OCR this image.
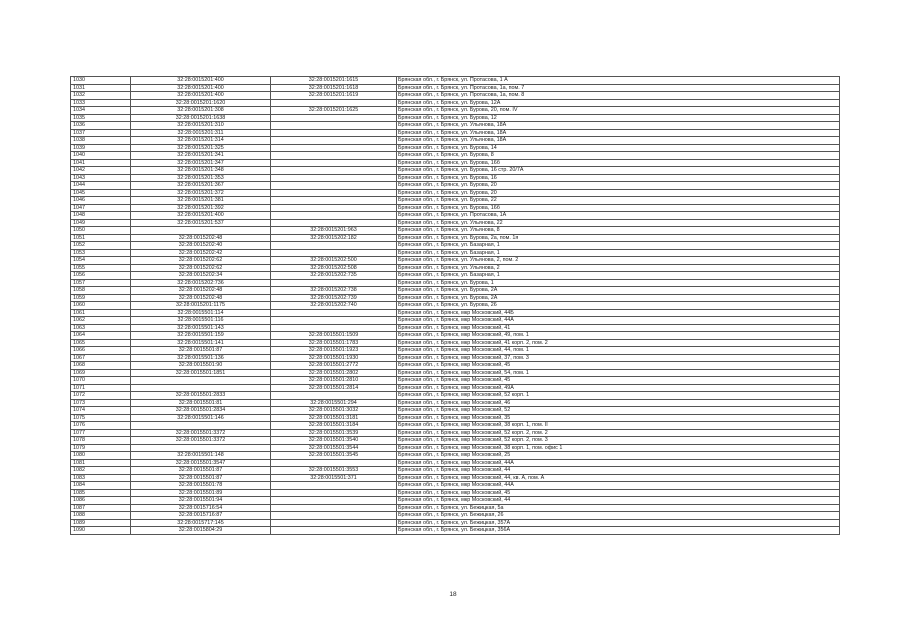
1030	32:28:0015201:400	32:28:0015201:1615	Брянская обл., г. Брянск, ул. Протасова, 1 А
1031	32:28:0015201:400	32:28:0015201:1618	Брянская обл., г. Брянск, ул. Протасова, 1а, пом. 7
1032	32:28:0015201:400	32:28:0015201:1619	Брянская обл., г. Брянск, ул. Протасова, 1а, пом. 8
1033	32:28:0015201:1620		Брянская обл., г. Брянск, ул. Бурова, 12А
1034	32:28:0015201:308	32:28:0015201:1625	Брянская обл., г. Брянск, ул. Бурова, 20, пом. IV
1035	32:28:0015201:1638		Брянская обл., г. Брянск, ул. Бурова, 12
1036	32:28:0015201:310		Брянская обл., г. Брянск, ул. Ульянова, 18А
1037	32:28:0015201:311		Брянская обл., г. Брянск, ул. Ульянова, 18А
1038	32:28:0015201:314		Брянская обл., г. Брянск, ул. Ульянова, 18А
1039	32:28:0015201:325		Брянская обл., г. Брянск, ул. Бурова, 14
1040	32:28:0015201:341		Брянская обл., г. Брянск, ул. Бурова, 8
1041	32:28:0015201:347		Брянская обл., г. Брянск, ул. Бурова, 16б
1042	32:28:0015201:348		Брянская обл., г. Брянск, ул. Бурова, 16 стр. 20/7А
1043	32:28:0015201:353		Брянская обл., г. Брянск, ул. Бурова, 16
1044	32:28:0015201:367		Брянская обл., г. Брянск, ул. Бурова, 20
1045	32:28:0015201:372		Брянская обл., г. Брянск, ул. Бурова, 20
1046	32:28:0015201:381		Брянская обл., г. Брянск, ул. Бурова, 22
1047	32:28:0015201:392		Брянская обл., г. Брянск, ул. Бурова, 16б
1048	32:28:0015201:400		Брянская обл., г. Брянск, ул. Протасова, 1А
1049	32:28:0015201:537		Брянская обл., г. Брянск, ул. Ульянова, 22
1050		32:28:0015201:963	Брянская обл., г. Брянск, ул. Ульянова, 8
1051	32:28:0015202:48	32:28:0015202:182	Брянская обл., г. Брянск, ул. Бурова, 2а, пом. 1я
1052	32:28:0015202:40		Брянская обл., г. Брянск, ул. Базарная, 1
1053	32:28:0015202:42		Брянская обл., г. Брянск, ул. Базарная, 1
1054	32:28:0015202:62	32:28:0015202:500	Брянская обл., г. Брянск, ул. Ульянова, 2, пом. 2
1055	32:28:0015202:62	32:28:0015202:508	Брянская обл., г. Брянск, ул. Ульянова, 2
1056	32:28:0015202:34	32:28:0015202:735	Брянская обл., г. Брянск, ул. Базарная, 1
1057	32:28:0015202:736		Брянская обл., г. Брянск, ул. Бурова, 1
1058	32:28:0015202:48	32:28:0015202:738	Брянская обл., г. Брянск, ул. Бурова, 2А
1059	32:28:0015202:48	32:28:0015202:739	Брянская обл., г. Брянск, ул. Бурова, 2А
1060	32:28:0015201:1175	32:28:0015202:740	Брянская обл., г. Брянск, ул. Бурова, 26
1061	32:28:0015501:114		Брянская обл., г. Брянск, мкр Московский, 44Б
1062	32:28:0015501:116		Брянская обл., г. Брянск, мкр Московский, 44А
1063	32:28:0015501:143		Брянская обл., г. Брянск, мкр Московский, 41
1064	32:28:0015501:159	32:28:0015501:1509	Брянская обл., г. Брянск, мкр Московский, 49, пом. 1
1065	32:28:0015501:141	32:28:0015501:1783	Брянская обл., г. Брянск, мкр Московский, 41 корп. 2, пом. 2
1066	32:28:0015501:87	32:28:0015501:1923	Брянская обл., г. Брянск, мкр Московский, 44, пом. 1
1067	32:28:0015501:136	32:28:0015501:1930	Брянская обл., г. Брянск, мкр Московский, 37, пом. 3
1068	32:28:0015501:90	32:28:0015501:2772	Брянская обл., г. Брянск, мкр Московский, 45
1069	32:28:0015501:1851	32:28:0015501:2802	Брянская обл., г. Брянск, мкр Московский, 54, пом. 1
1070		32:28:0015501:2810	Брянская обл., г. Брянск, мкр Московский, 45
1071		32:28:0015501:2814	Брянская обл., г. Брянск, мкр Московский, 49А
1072	32:28:0015501:2833		Брянская обл., г. Брянск, мкр Московский, 52 корп. 1
1073	32:28:0015501:81	32:28:0015501:294	Брянская обл., г. Брянск, мкр Московский, 46
1074	32:28:0015501:2834	32:28:0015501:3032	Брянская обл., г. Брянск, мкр Московский, 52
1075	32:28:0015501:146	32:28:0015501:3181	Брянская обл., г. Брянск, мкр Московский, 35
1076		32:28:0015501:3184	Брянская обл., г. Брянск, мкр Московский, 38 корп. 1, пом. II
1077	32:28:0015501:3372	32:28:0015501:3539	Брянская обл., г. Брянск, мкр Московский, 52 корп. 2, пом. 2
1078	32:28:0015501:3372	32:28:0015501:3540	Брянская обл., г. Брянск, мкр Московский, 52 корп. 2, пом. 3
1079		32:28:0015501:3544	Брянская обл., г. Брянск, мкр Московский, 38 корп. 1, пом. офис 1
1080	32:28:0015501:148	32:28:0015501:3545	Брянская обл., г. Брянск, мкр Московский, 25
1081	32:28:0015501:3547		Брянская обл., г. Брянск, мкр Московский, 44А
1082	32:28:0015501:87	32:28:0015501:3553	Брянская обл., г. Брянск, мкр Московский, 44
1083	32:28:0015501:87	32:28:0015501:371	Брянская обл., г. Брянск, мкр Московский, 44, кв. А, пом. А
1084	32:28:0015501:78		Брянская обл., г. Брянск, мкр Московский, 44А
1085	32:28:0015501:89		Брянская обл., г. Брянск, мкр Московский, 45
1086	32:28:0015501:94		Брянская обл., г. Брянск, мкр Московский, 44
1087	32:28:0015716:54		Брянская обл., г. Брянск, ул. Бежицкая, 5а
1088	32:28:0015716:87		Брянская обл., г. Брянск, ул. Бежицкая, 26
1089	32:28:0015717:145		Брянская обл., г. Брянск, ул. Бежицкая, 357А
1090	32:28:0015804:29		Брянская обл., г. Брянск, ул. Бежицкая, 356А
18
